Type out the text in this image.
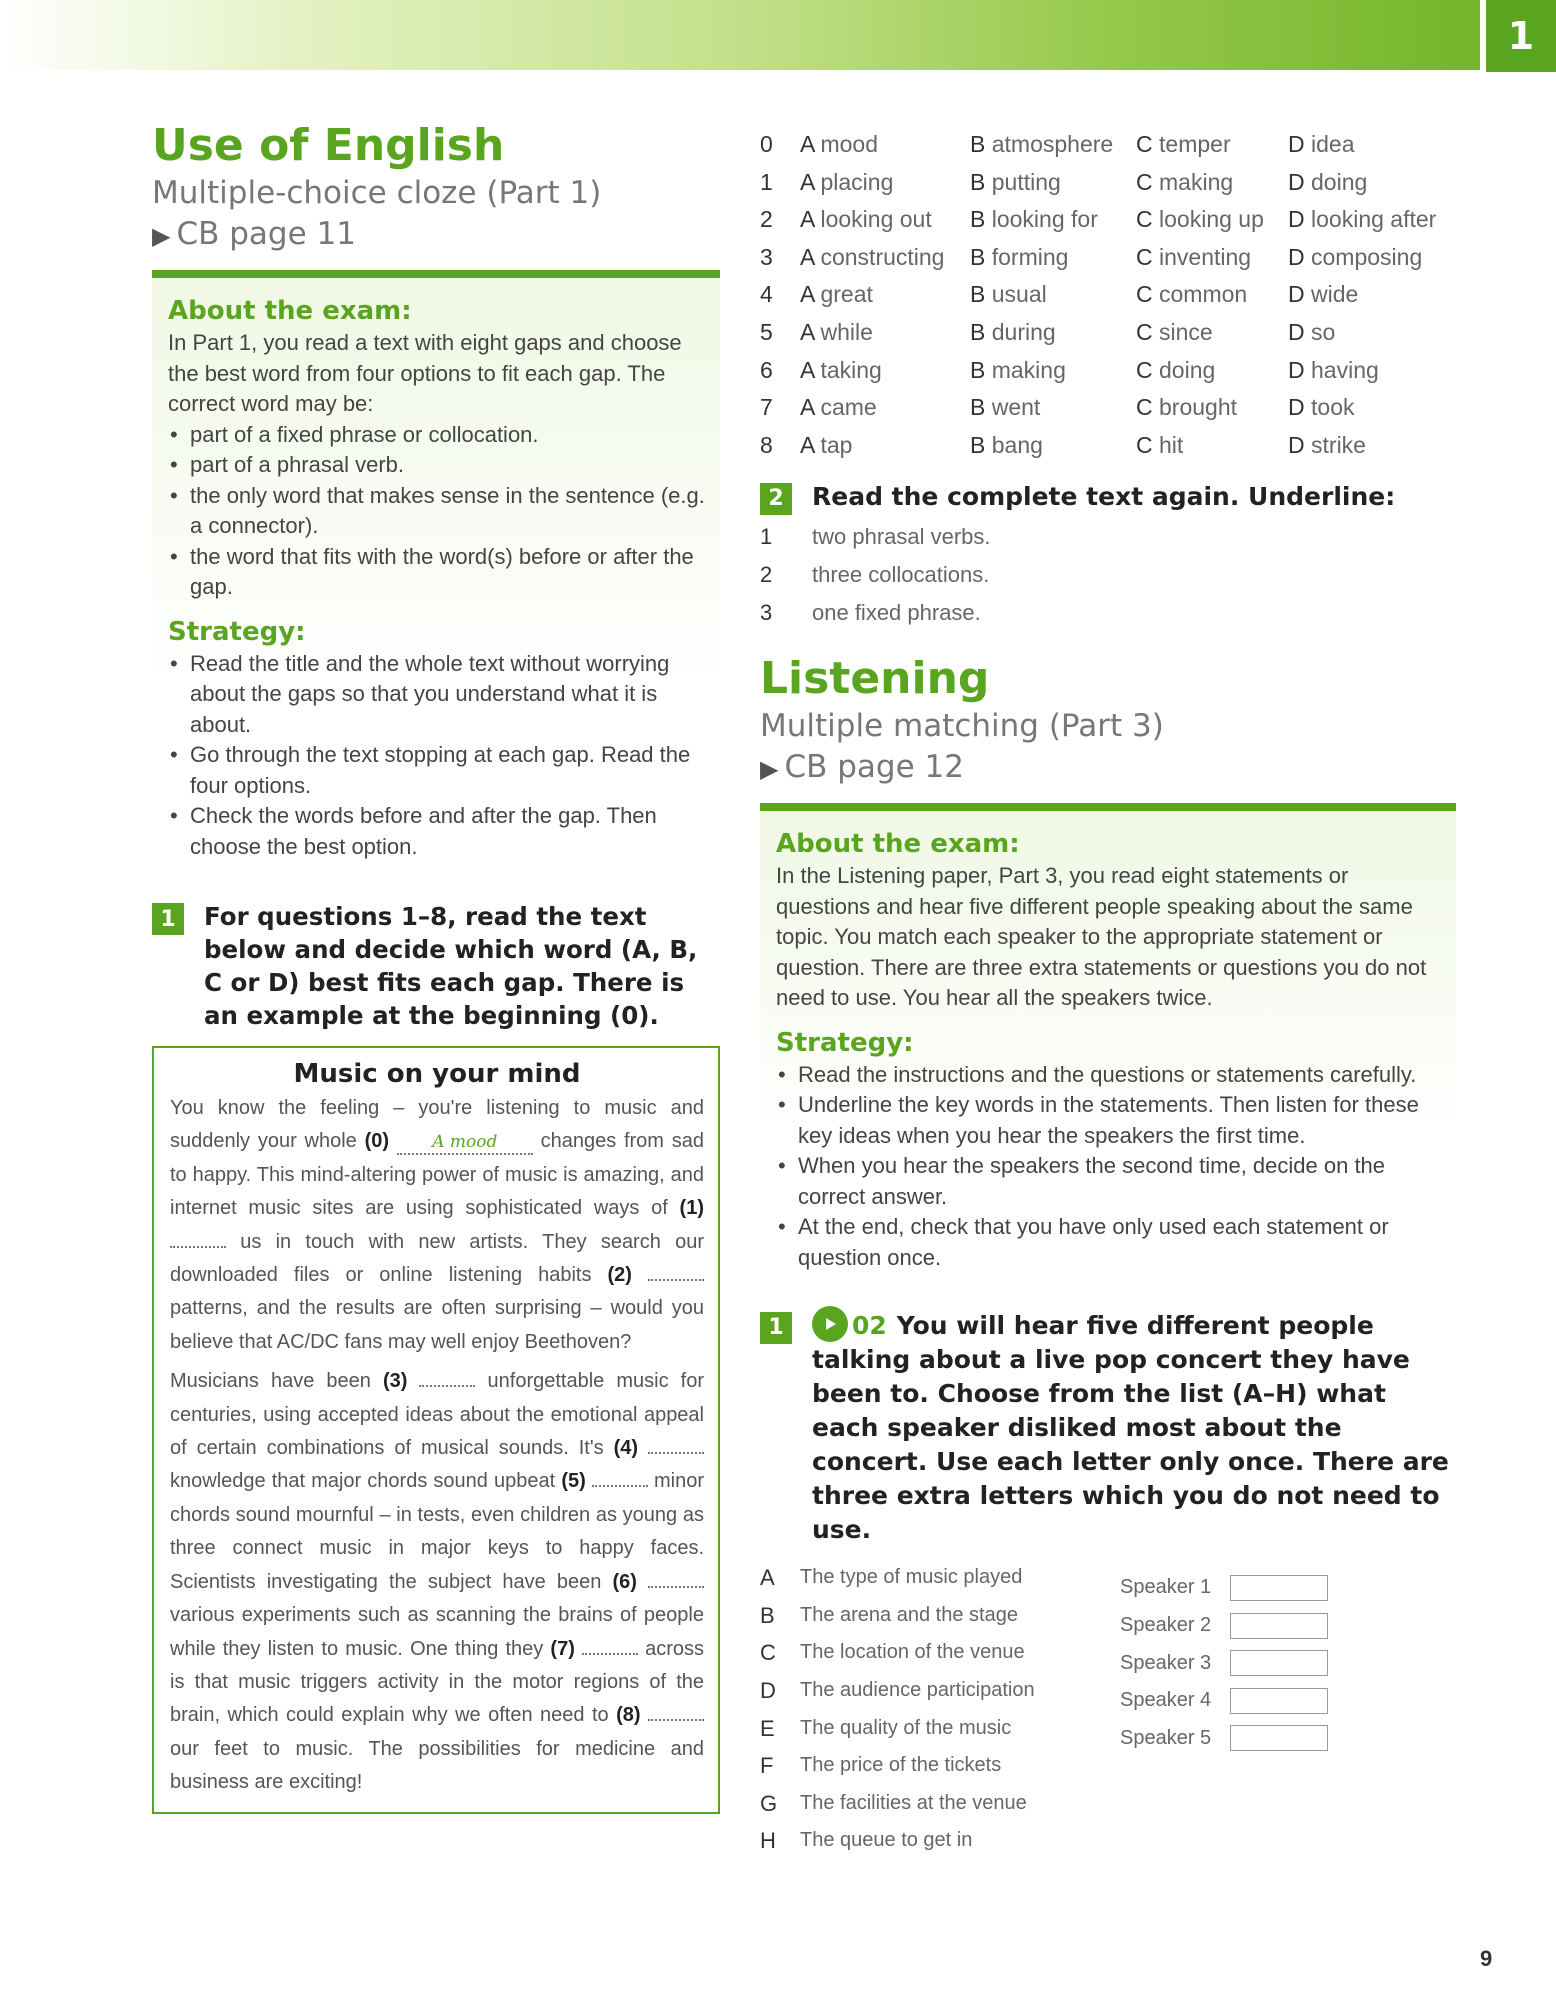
1
Use of English
Multiple-choice cloze (Part 1)
▶ CB page 11
About the exam:
In Part 1, you read a text with eight gaps and choose the best word from four options to fit each gap. The correct word may be:
• part of a fixed phrase or collocation.
• part of a phrasal verb.
• the only word that makes sense in the sentence (e.g. a connector).
• the word that fits with the word(s) before or after the gap.
Strategy:
• Read the title and the whole text without worrying about the gaps so that you understand what it is about.
• Go through the text stopping at each gap. Read the four options.
• Check the words before and after the gap. Then choose the best option.
1	For questions 1–8, read the text below and decide which word (A, B, C or D) best fits each gap. There is an example at the beginning (0).
Music on your mind

You know the feeling – you're listening to music and suddenly your whole (0)	A mood changes from sad to happy. This mind-altering power of music is amazing, and internet music sites are using sophisticated ways of (1)  us in touch with new artists. They search our downloaded files or online listening habits (2)  patterns, and the results are often surprising – would you believe that AC/DC fans may well enjoy Beethoven?

Musicians have been (3)	unforgettable music for centuries, using accepted ideas about the emotional appeal of certain combinations of musical sounds. It's (4)  knowledge that major chords sound upbeat (5)	minor chords sound mournful – in tests, even children as young as three connect music in major keys to happy faces. Scientists investigating the subject have been (6)  various experiments such as scanning the brains of people while they listen to music. One thing they (7)	across is that music triggers activity in the motor regions of the brain, which could explain why we often need to (8)  our feet to music. The possibilities for medicine and business are exciting!

0	A mood	B atmosphere C temper	D idea
1	A placing	B putting	C making	D doing
2	A looking out	B looking for	C looking up	D looking after
3	A constructing	B forming	C inventing	D composing
4	A great	B usual	C common	D wide
5	A while	B during	C since	D so
6	A taking	B making	C doing	D having
7	A came	B went	C brought	D took
8	A tap	B bang	C hit	D strike
2	Read the complete text again. Underline:
1	two phrasal verbs.
2	three collocations.
3	one fixed phrase.
Listening
Multiple matching (Part 3)
▶ CB page 12
About the exam:
In the Listening paper, Part 3, you read eight statements or questions and hear five different people speaking about the same topic. You match each speaker to the appropriate statement or question. There are three extra statements or questions you do not need to use. You hear all the speakers twice.
Strategy:
• Read the instructions and the questions or statements carefully.
• Underline the key words in the statements. Then listen for these key ideas when you hear the speakers the first time.
• When you hear the speakers the second time, decide on the correct answer.
• At the end, check that you have only used each statement or question once.
1	02 You will hear five different people talking about a live pop concert they have been to. Choose from the list (A–H) what each speaker disliked most about the concert. Use each letter only once. There are three extra letters which you do not need to use.
A	The type of music played
B	The arena and the stage
C	The location of the venue
D	The audience participation
E	The quality of the music
F	The price of the tickets
G	The facilities at the venue
H	The queue to get in
Speaker 1
Speaker 2
Speaker 3
Speaker 4
Speaker 5
9
